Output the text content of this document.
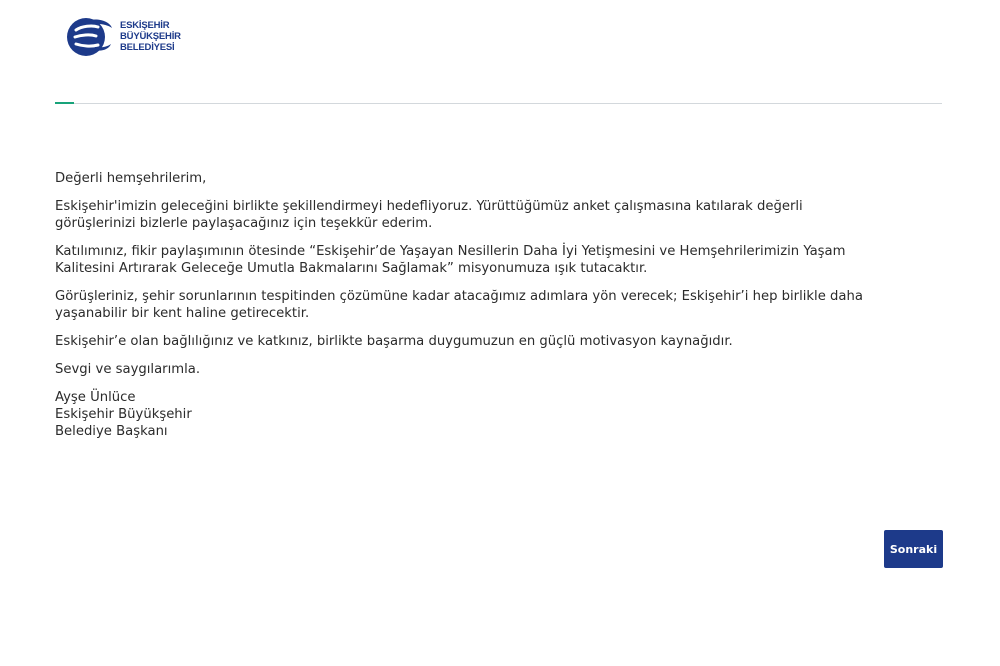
ESKİŞEHİR
BÜYÜKŞEHİR
BELEDİYESİ

Değerli hemşehrilerim,

Eskişehir'imizin geleceğini birlikte şekillendirmeyi hedefliyoruz. Yürüttüğümüz anket çalışmasına katılarak değerli
görüşlerinizi bizlerle paylaşacağınız için teşekkür ederim.

Katılımınız, fikir paylaşımının ötesinde “Eskişehir’de Yaşayan Nesillerin Daha İyi Yetişmesini ve Hemşehrilerimizin Yaşam
Kalitesini Artırarak Geleceğe Umutla Bakmalarını Sağlamak” misyonumuza ışık tutacaktır.

Görüşleriniz, şehir sorunlarının tespitinden çözümüne kadar atacağımız adımlara yön verecek; Eskişehir’i hep birlikle daha
yaşanabilir bir kent haline getirecektir.

Eskişehir’e olan bağlılığınız ve katkınız, birlikte başarma duygumuzun en güçlü motivasyon kaynağıdır.

Sevgi ve saygılarımla.

Ayşe Ünlüce
Eskişehir Büyükşehir
Belediye Başkanı
Sonraki
